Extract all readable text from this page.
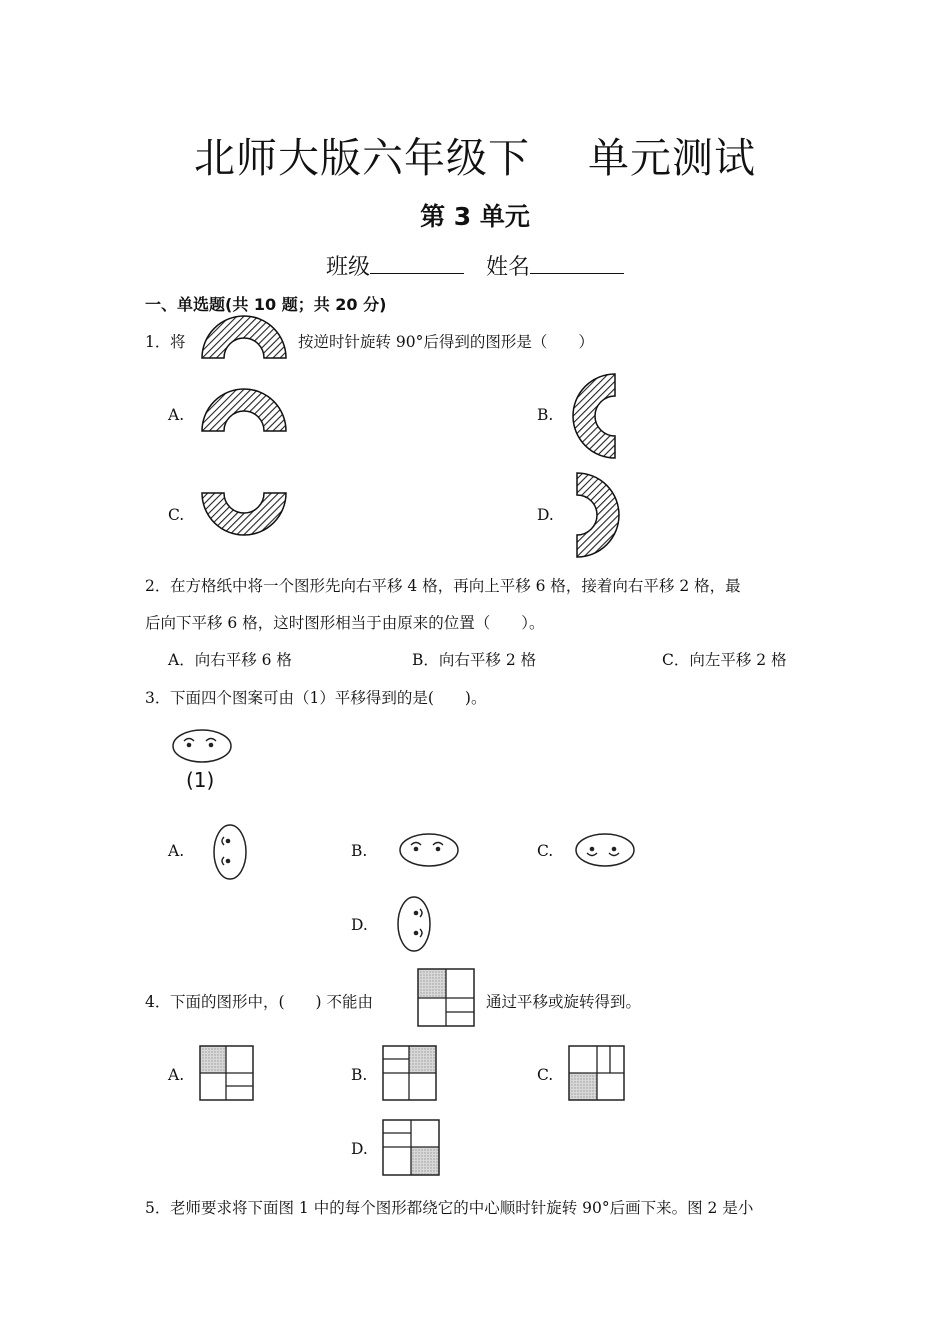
北师大版六年级下 单元测试
第 3 单元
班级	姓名
一、单选题(共 10 题；共 20 分)
1． 将	按逆时针旋转 90°后得到的图形是（　　）
A.	B.
C.	D.
2． 在方格纸中将一个图形先向右平移 4 格，再向上平移 6 格，接着向右平移 2 格，最
后向下平移 6 格，这时图形相当于由原来的位置（　　）。
A．向右平移 6 格	B．向右平移 2 格	C．向左平移 2 格
3． 下面四个图案可由（1）平移得到的是(　　)。
(1)
A.	B.	C.
D.
4． 下面的图形中，(　　) 不能由	通过平移或旋转得到。
A.	B.	C.
D.
5． 老师要求将下面图 1 中的每个图形都绕它的中心顺时针旋转 90°后画下来。图 2 是小
